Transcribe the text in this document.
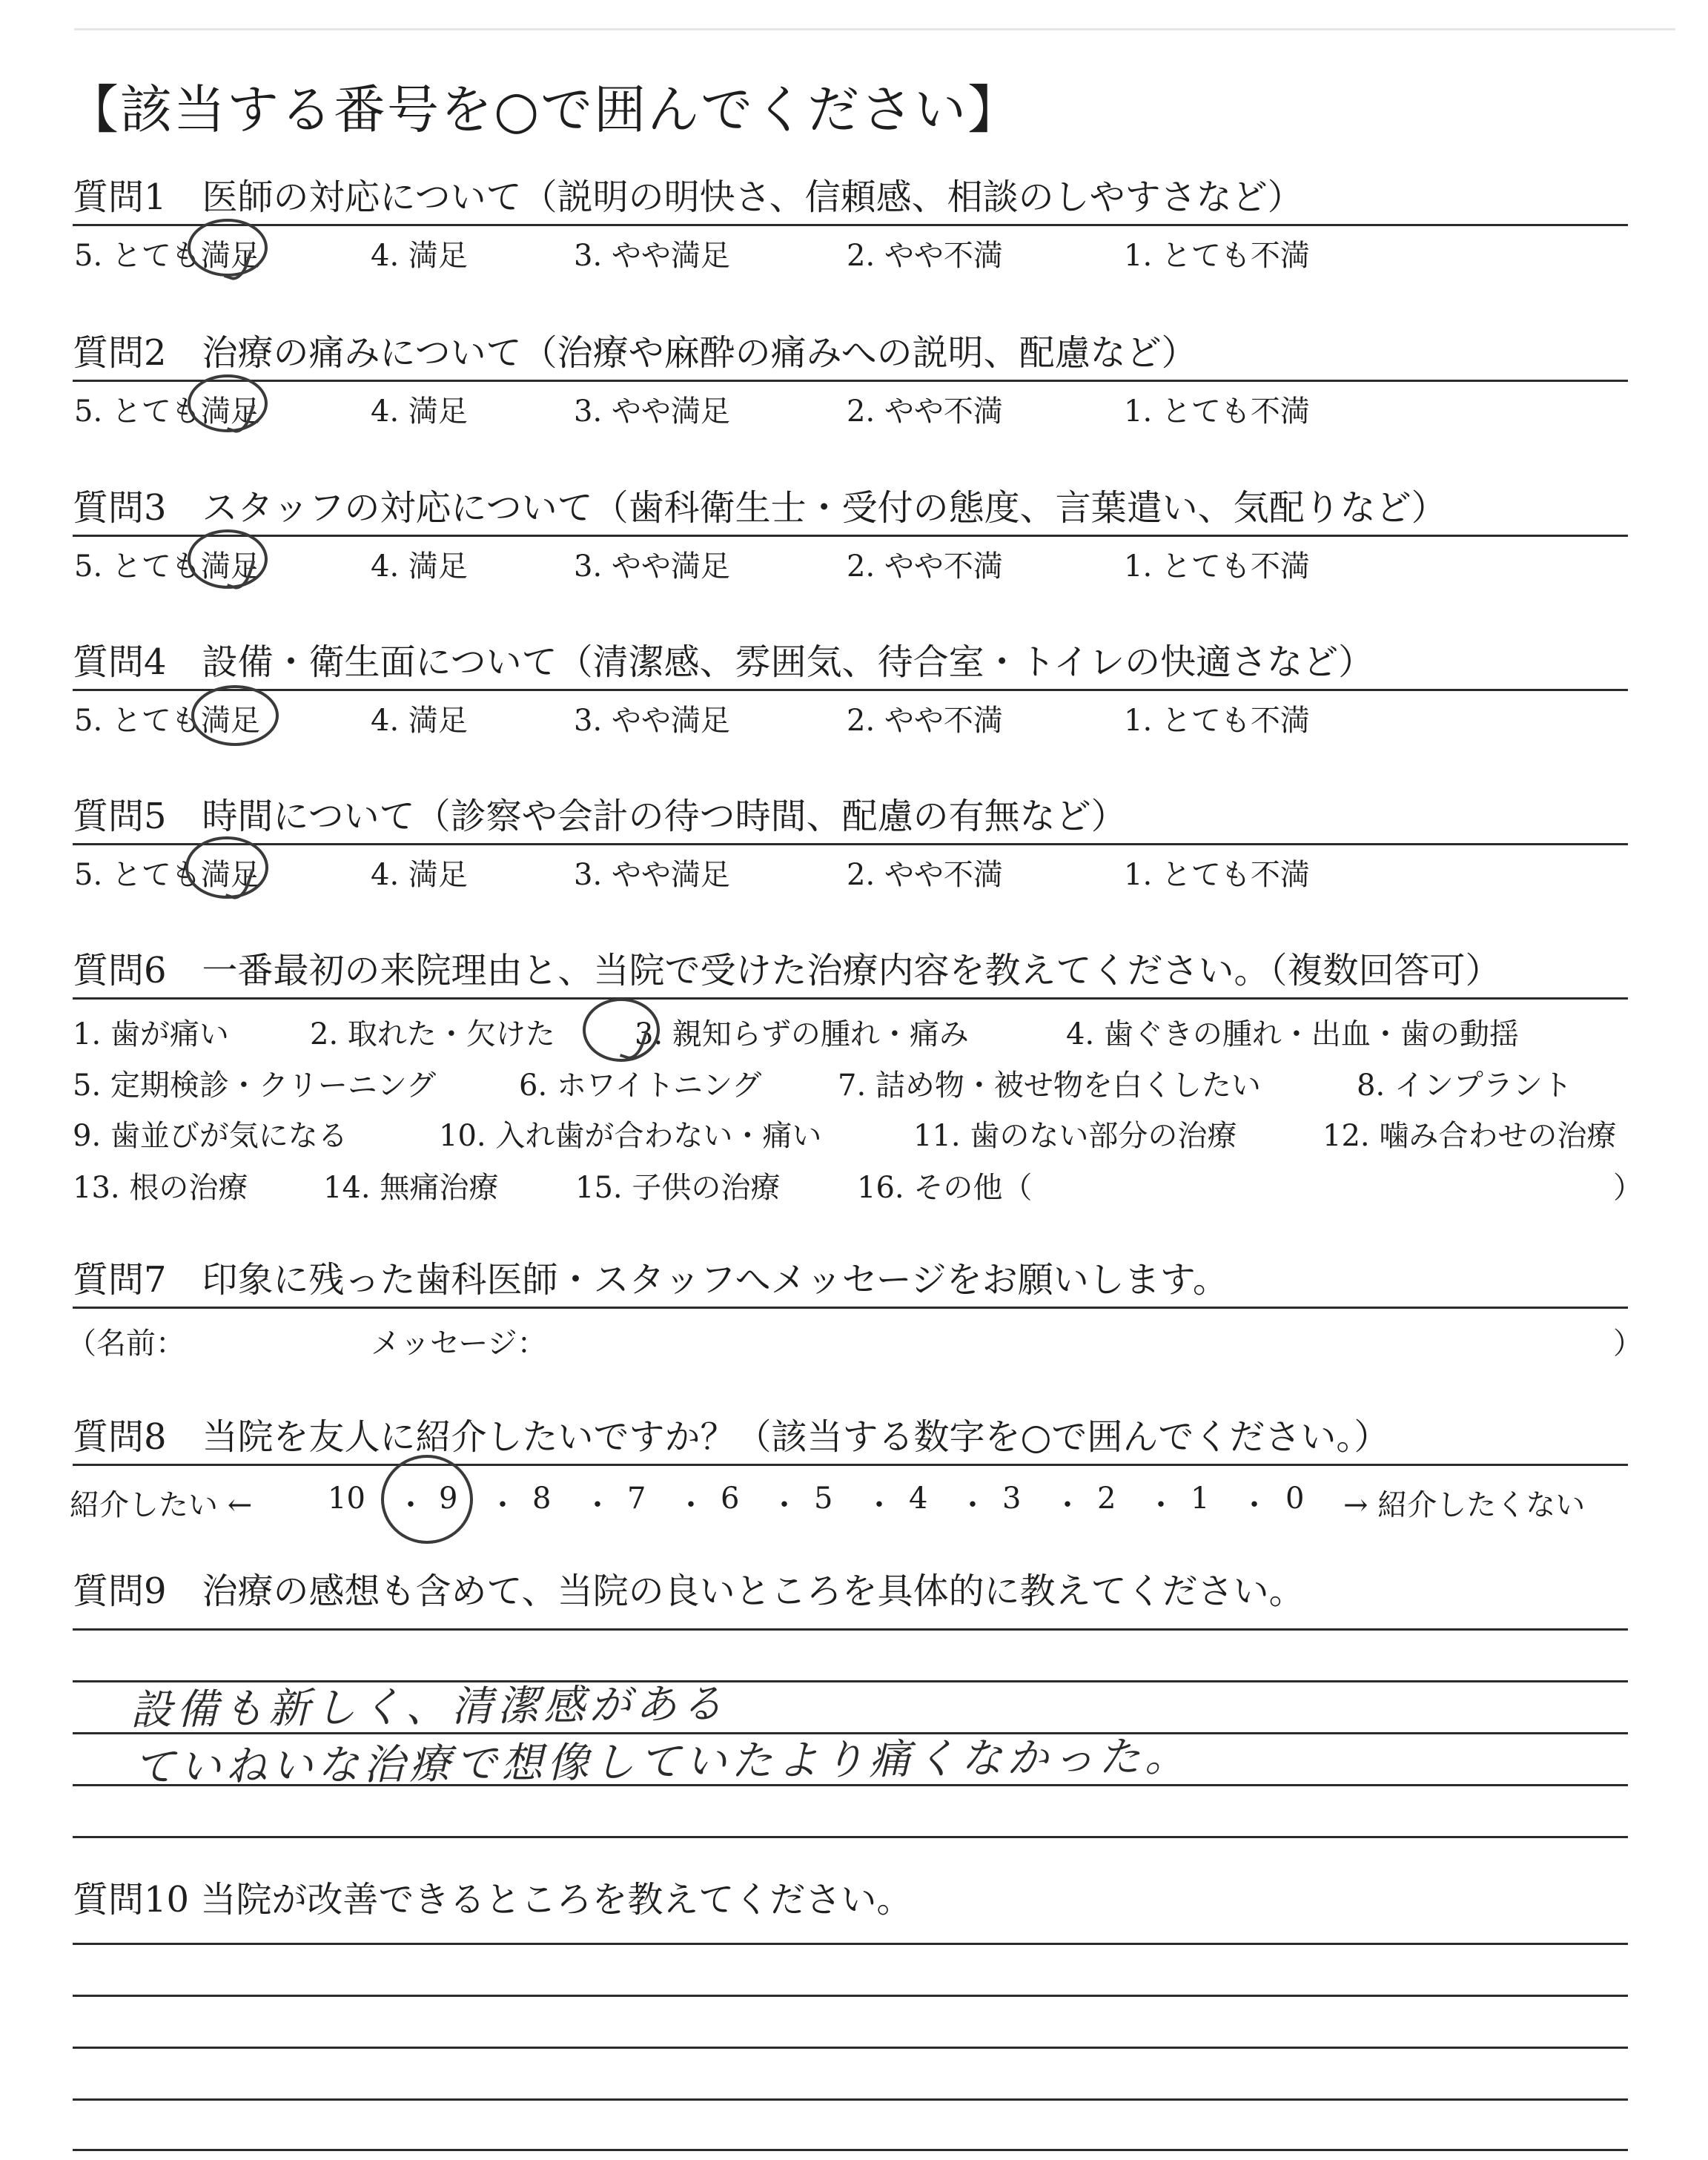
【該当する番号を○で囲んでください】
質問1　医師の対応について（説明の明快さ、信頼感、相談のしやすさなど）
5. とても満足	4. 満足	3. やや満足	2. やや不満	1. とても不満
質問2　治療の痛みについて（治療や麻酔の痛みへの説明、配慮など）
5. とても満足	4. 満足	3. やや満足	2. やや不満	1. とても不満
質問3　スタッフの対応について（歯科衛生士・受付の態度、言葉遣い、気配りなど）
5. とても満足	4. 満足	3. やや満足	2. やや不満	1. とても不満
質問4　設備・衛生面について（清潔感、雰囲気、待合室・トイレの快適さなど）
5. とても満足	4. 満足	3. やや満足	2. やや不満	1. とても不満
質問5　時間について（診察や会計の待つ時間、配慮の有無など）
5. とても満足	4. 満足	3. やや満足	2. やや不満	1. とても不満
質問6　一番最初の来院理由と、当院で受けた治療内容を教えてください。（複数回答可）
1. 歯が痛い	2. 取れた・欠けた	3. 親知らずの腫れ・痛み	4. 歯ぐきの腫れ・出血・歯の動揺
5. 定期検診・クリーニング	6. ホワイトニング	7. 詰め物・被せ物を白くしたい	8. インプラント
9. 歯並びが気になる	10. 入れ歯が合わない・痛い	11. 歯のない部分の治療	12. 噛み合わせの治療
13. 根の治療	14. 無痛治療	15. 子供の治療	16. その他（	）
質問7　印象に残った歯科医師・スタッフへメッセージをお願いします。
（名前：	メッセージ：	）
質問8　当院を友人に紹介したいですか？（該当する数字を○で囲んでください。）
紹介したい ←	10 ・ 9 ・ 8 ・ 7 ・ 6 ・ 5 ・ 4 ・ 3 ・ 2 ・ 1 ・ 0 → 紹介したくない
質問9　治療の感想も含めて、当院の良いところを具体的に教えてください。
設備も新しく、清潔感がある
ていねいな治療で想像していたより痛くなかった。
質問10 当院が改善できるところを教えてください。
